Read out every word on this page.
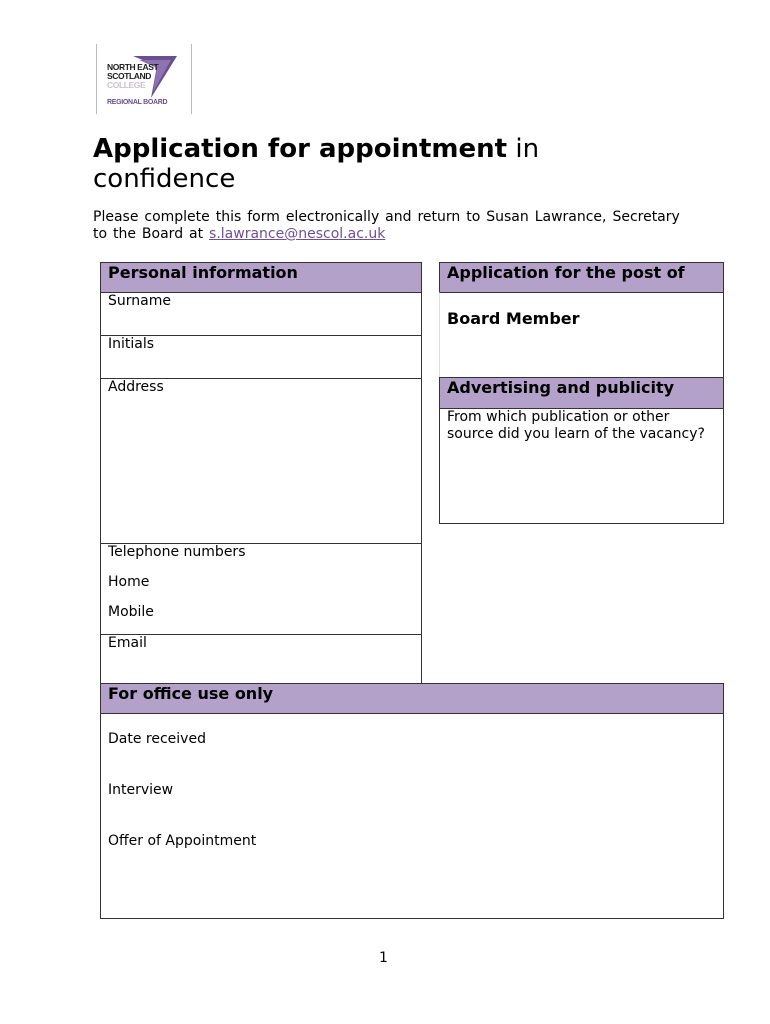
NORTH EAST
SCOTLAND
COLLEGE
REGIONAL BOARD
Application for appointment in confidence
Please complete this form electronically and return to Susan Lawrance, Secretary to the Board at s.lawrance@nescol.ac.uk
Personal information
Surname
Initials
Address
Telephone numbers
Home
Mobile
Email
Application for the post of
Board Member
Advertising and publicity
From which publication or other source did you learn of the vacancy?
For office use only
Date received
Interview
Offer of Appointment
1
